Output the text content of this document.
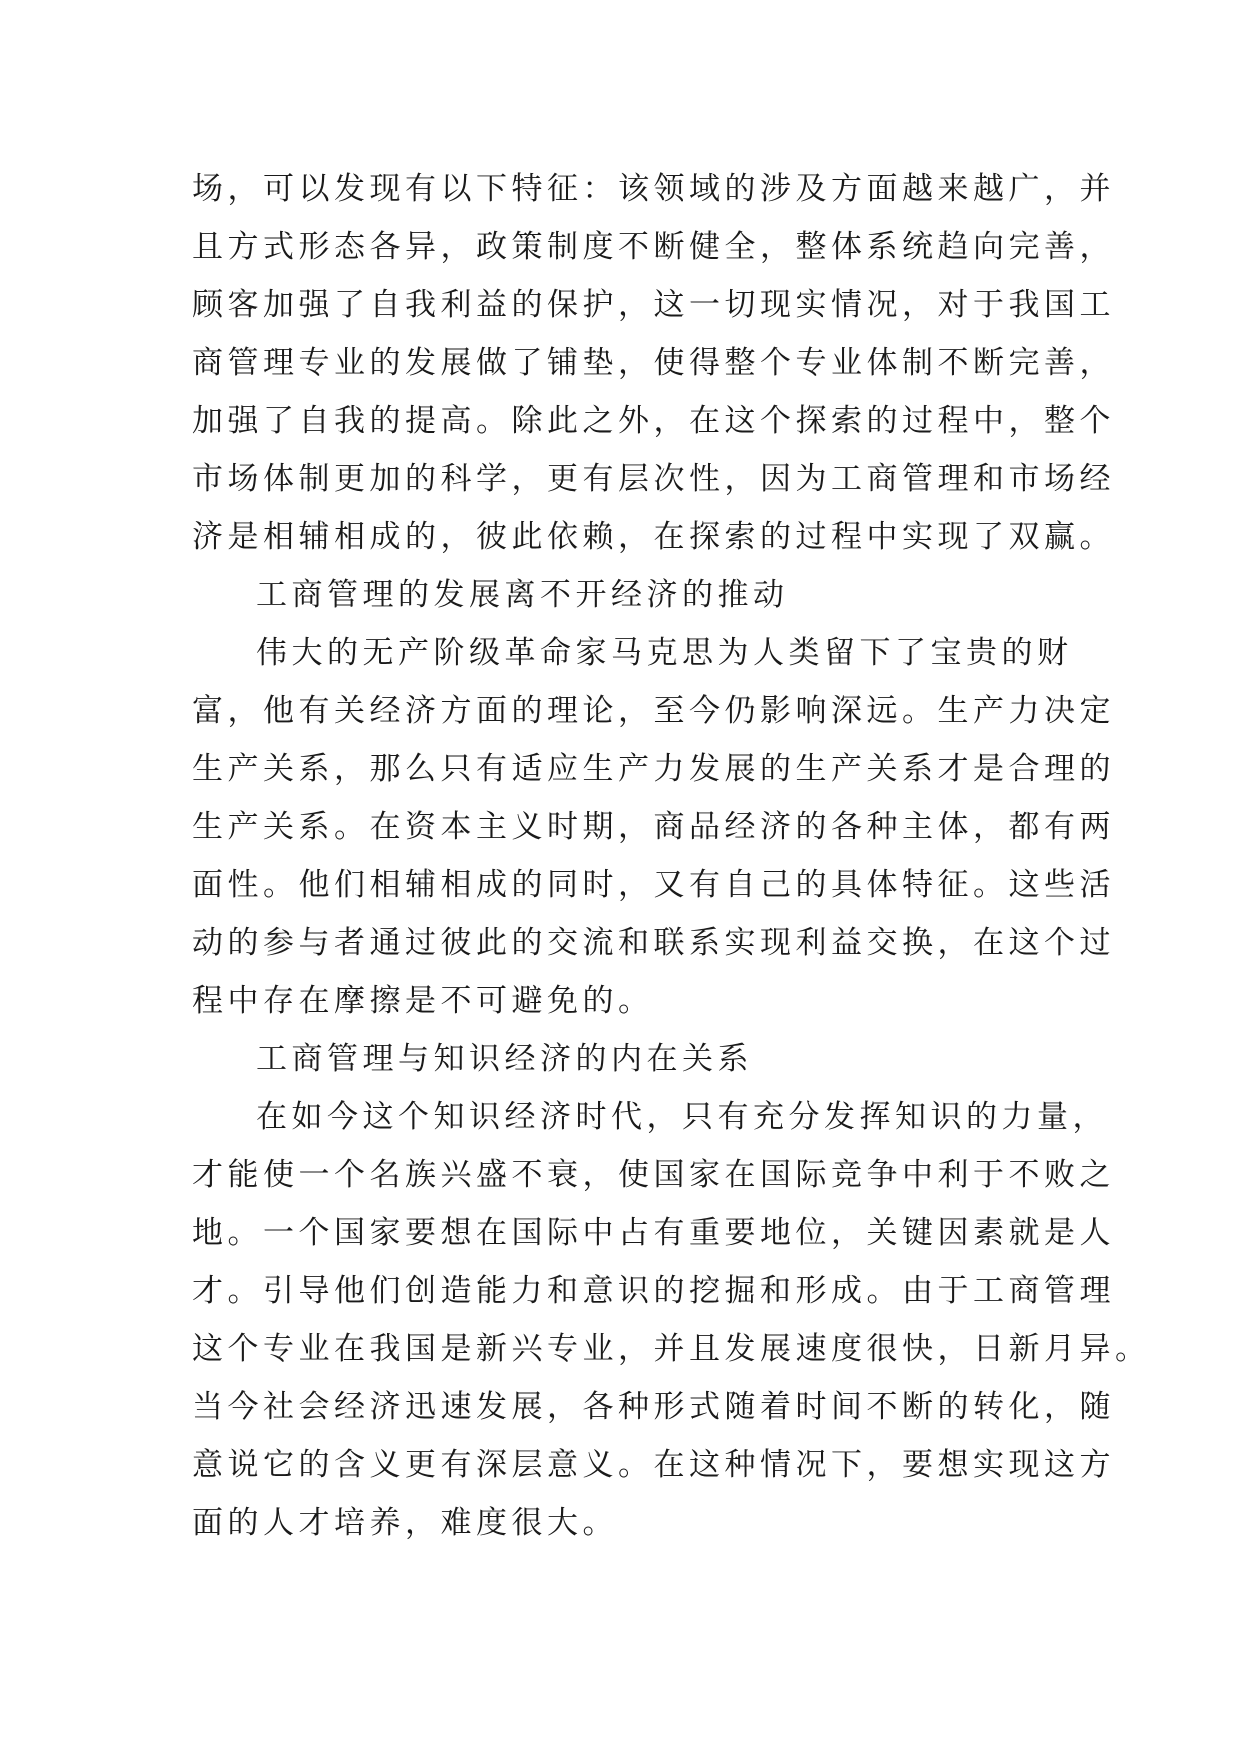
场，可以发现有以下特征：该领域的涉及方面越来越广，并
且方式形态各异，政策制度不断健全，整体系统趋向完善，
顾客加强了自我利益的保护，这一切现实情况，对于我国工
商管理专业的发展做了铺垫，使得整个专业体制不断完善，
加强了自我的提高。除此之外，在这个探索的过程中，整个
市场体制更加的科学，更有层次性，因为工商管理和市场经
济是相辅相成的，彼此依赖，在探索的过程中实现了双赢。
工商管理的发展离不开经济的推动
伟大的无产阶级革命家马克思为人类留下了宝贵的财
富，他有关经济方面的理论，至今仍影响深远。生产力决定
生产关系，那么只有适应生产力发展的生产关系才是合理的
生产关系。在资本主义时期，商品经济的各种主体，都有两
面性。他们相辅相成的同时，又有自己的具体特征。这些活
动的参与者通过彼此的交流和联系实现利益交换，在这个过
程中存在摩擦是不可避免的。
工商管理与知识经济的内在关系
在如今这个知识经济时代，只有充分发挥知识的力量，
才能使一个名族兴盛不衰，使国家在国际竞争中利于不败之
地。一个国家要想在国际中占有重要地位，关键因素就是人
才。引导他们创造能力和意识的挖掘和形成。由于工商管理
这个专业在我国是新兴专业，并且发展速度很快，日新月异。
当今社会经济迅速发展，各种形式随着时间不断的转化，随
意说它的含义更有深层意义。在这种情况下，要想实现这方
面的人才培养，难度很大。
